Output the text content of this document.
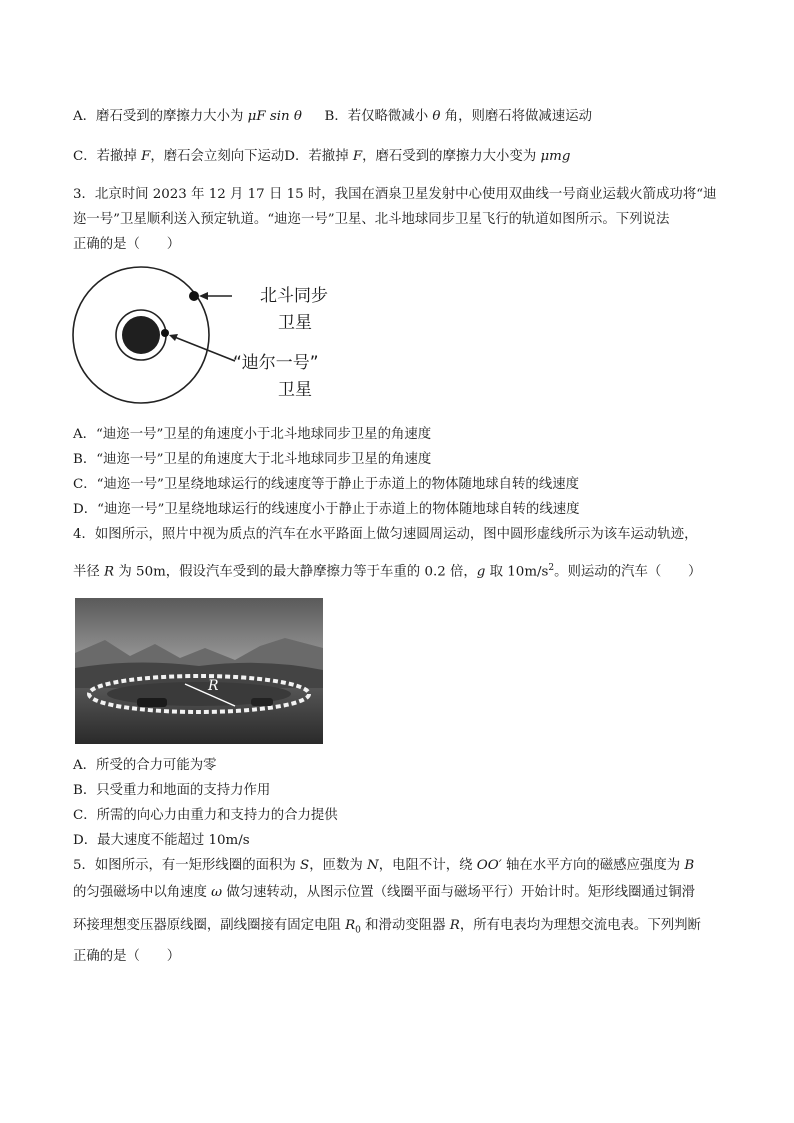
A．磨石受到的摩擦力大小为 μF sin θ B．若仅略微减小 θ 角，则磨石将做减速运动
C．若撤掉 F，磨石会立刻向下运动D．若撤掉 F，磨石受到的摩擦力大小变为 μmg
3．北京时间 2023 年 12 月 17 日 15 时，我国在酒泉卫星发射中心使用双曲线一号商业运载火箭成功将“迪
迩一号”卫星顺利送入预定轨道。“迪迩一号”卫星、北斗地球同步卫星飞行的轨道如图所示。下列说法
正确的是（　　）
北斗同步
卫星
“迪尔一号”
卫星
A．“迪迩一号”卫星的角速度小于北斗地球同步卫星的角速度
B．“迪迩一号”卫星的角速度大于北斗地球同步卫星的角速度
C．“迪迩一号”卫星绕地球运行的线速度等于静止于赤道上的物体随地球自转的线速度
D．“迪迩一号”卫星绕地球运行的线速度小于静止于赤道上的物体随地球自转的线速度
4．如图所示，照片中视为质点的汽车在水平路面上做匀速圆周运动，图中圆形虚线所示为该车运动轨迹，
半径 R 为 50m，假设汽车受到的最大静摩擦力等于车重的 0.2 倍，g 取 $10m/s^2$。则运动的汽车（　　）
R
A．所受的合力可能为零
B．只受重力和地面的支持力作用
C．所需的向心力由重力和支持力的合力提供
D．最大速度不能超过 10m/s
5．如图所示，有一矩形线圈的面积为 S，匝数为 N，电阻不计，绕 OO′ 轴在水平方向的磁感应强度为 B
的匀强磁场中以角速度 ω 做匀速转动，从图示位置（线圈平面与磁场平行）开始计时。矩形线圈通过铜滑
环接理想变压器原线圈，副线圈接有固定电阻 $R_0$ 和滑动变阻器 R，所有电表均为理想交流电表。下列判断
正确的是（　　）
